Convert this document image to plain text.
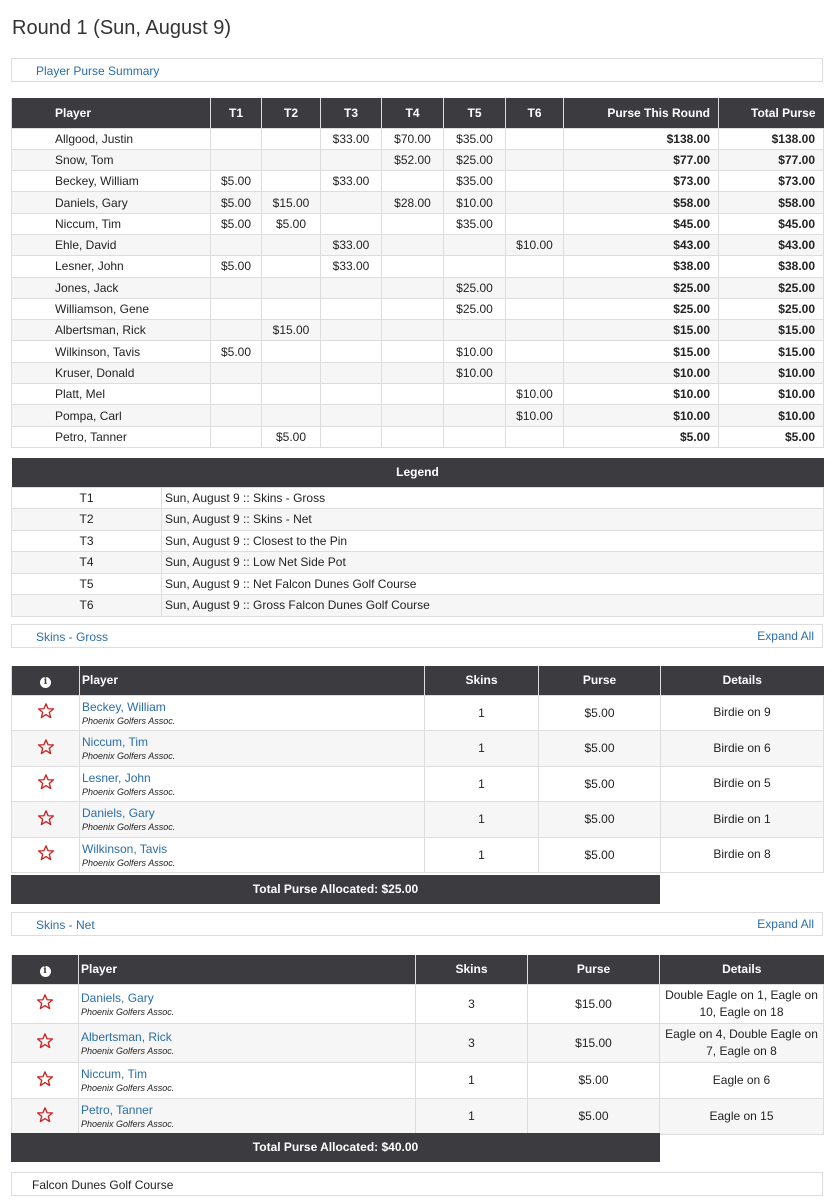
Round 1 (Sun, August 9)
Player Purse Summary
Player	T1	T2	T3	T4	T5	T6	Purse This Round	Total Purse
Allgood, Justin			$33.00	$70.00	$35.00		$138.00	$138.00
Snow, Tom				$52.00	$25.00		$77.00	$77.00
Beckey, William	$5.00		$33.00		$35.00		$73.00	$73.00
Daniels, Gary	$5.00	$15.00		$28.00	$10.00		$58.00	$58.00
Niccum, Tim	$5.00	$5.00			$35.00		$45.00	$45.00
Ehle, David			$33.00			$10.00	$43.00	$43.00
Lesner, John	$5.00		$33.00				$38.00	$38.00
Jones, Jack					$25.00		$25.00	$25.00
Williamson, Gene					$25.00		$25.00	$25.00
Albertsman, Rick		$15.00					$15.00	$15.00
Wilkinson, Tavis	$5.00				$10.00		$15.00	$15.00
Kruser, Donald					$10.00		$10.00	$10.00
Platt, Mel						$10.00	$10.00	$10.00
Pompa, Carl						$10.00	$10.00	$10.00
Petro, Tanner		$5.00					$5.00	$5.00
Legend	
T1	Sun, August 9 :: Skins - Gross
T2	Sun, August 9 :: Skins - Net
T3	Sun, August 9 :: Closest to the Pin
T4	Sun, August 9 :: Low Net Side Pot
T5	Sun, August 9 :: Net Falcon Dunes Golf Course
T6	Sun, August 9 :: Gross Falcon Dunes Golf Course
Skins - Gross	Expand All
i	Player	Skins	Purse	Details

Beckey, William
Phoenix Golfers Assoc.	1	$5.00	Birdie on 9

Niccum, Tim
Phoenix Golfers Assoc.	1	$5.00	Birdie on 6

Lesner, John
Phoenix Golfers Assoc.	1	$5.00	Birdie on 5

Daniels, Gary
Phoenix Golfers Assoc.	1	$5.00	Birdie on 1

Wilkinson, Tavis
Phoenix Golfers Assoc.	1	$5.00	Birdie on 8
Total Purse Allocated: $25.00
Skins - Net	Expand All
i	Player	Skins	Purse	Details

Daniels, Gary
Phoenix Golfers Assoc.	3	$15.00	Double Eagle on 1, Eagle on 10, Eagle on 18

Albertsman, Rick
Phoenix Golfers Assoc.	3	$15.00	Eagle on 4, Double Eagle on 7, Eagle on 8

Niccum, Tim
Phoenix Golfers Assoc.	1	$5.00	Eagle on 6

Petro, Tanner
Phoenix Golfers Assoc.	1	$5.00	Eagle on 15
Total Purse Allocated: $40.00
Falcon Dunes Golf Course
